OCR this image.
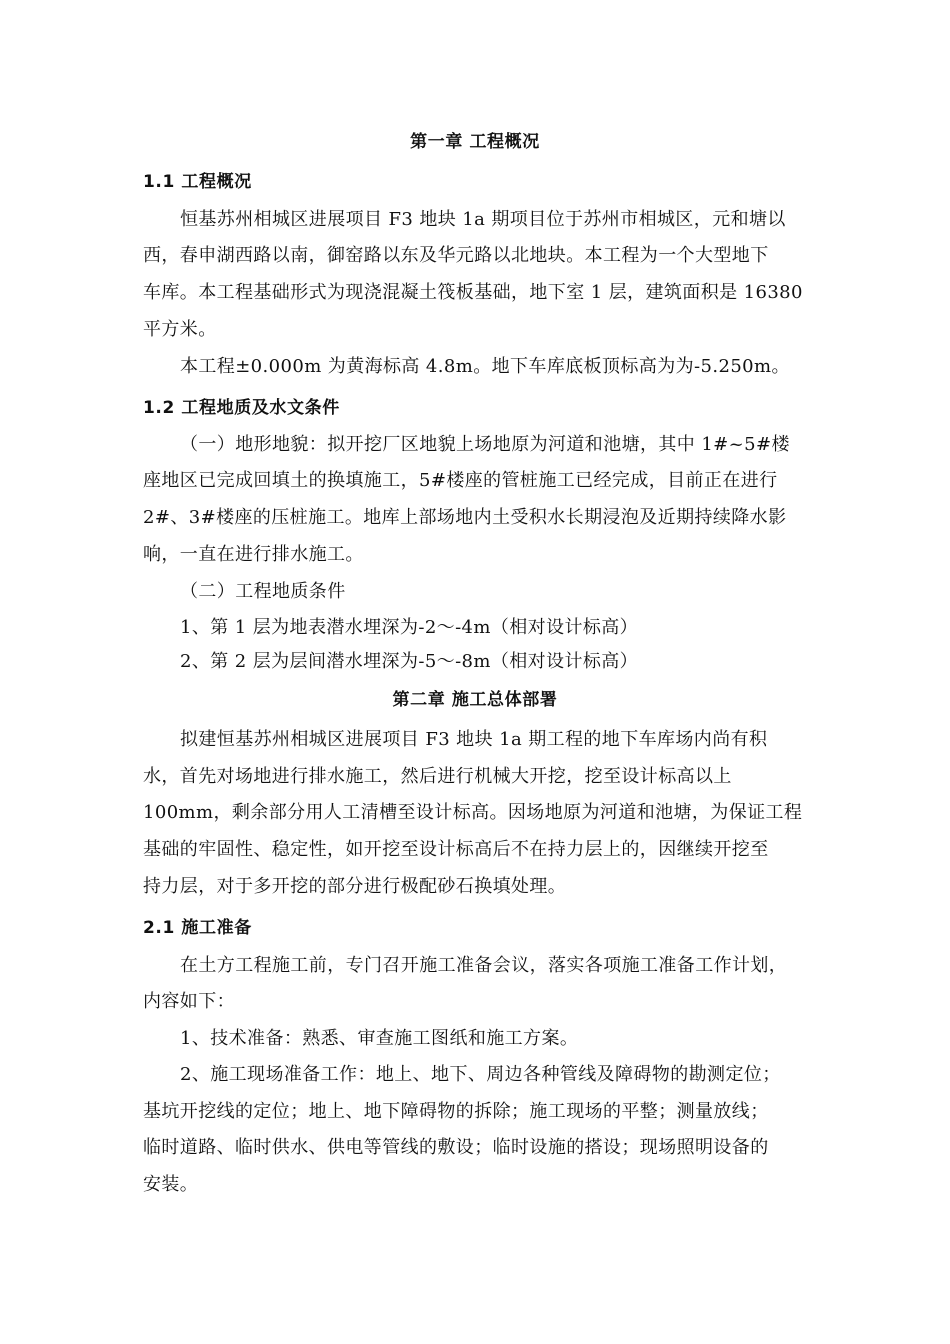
第一章 工程概况
1.1 工程概况
恒基苏州相城区进展项目 F3 地块 1a 期项目位于苏州市相城区，元和塘以
西，春申湖西路以南，御窑路以东及华元路以北地块。本工程为一个大型地下
车库。本工程基础形式为现浇混凝土筏板基础，地下室 1 层，建筑面积是 16380
平方米。
本工程±0.000m 为黄海标高 4.8m。地下车库底板顶标高为为-5.250m。
1.2 工程地质及水文条件
（一）地形地貌：拟开挖厂区地貌上场地原为河道和池塘，其中 1#~5#楼
座地区已完成回填土的换填施工，5#楼座的管桩施工已经完成，目前正在进行
2#、3#楼座的压桩施工。地库上部场地内土受积水长期浸泡及近期持续降水影
响，一直在进行排水施工。
（二）工程地质条件
1、第 1 层为地表潜水埋深为-2～-4m（相对设计标高）
2、第 2 层为层间潜水埋深为-5～-8m（相对设计标高）
第二章 施工总体部署
拟建恒基苏州相城区进展项目 F3 地块 1a 期工程的地下车库场内尚有积
水，首先对场地进行排水施工，然后进行机械大开挖，挖至设计标高以上
100mm，剩余部分用人工清槽至设计标高。因场地原为河道和池塘，为保证工程
基础的牢固性、稳定性，如开挖至设计标高后不在持力层上的，因继续开挖至
持力层，对于多开挖的部分进行极配砂石换填处理。
2.1 施工准备
在土方工程施工前，专门召开施工准备会议，落实各项施工准备工作计划，
内容如下：
1、技术准备：熟悉、审查施工图纸和施工方案。
2、施工现场准备工作：地上、地下、周边各种管线及障碍物的勘测定位；
基坑开挖线的定位；地上、地下障碍物的拆除；施工现场的平整；测量放线；
临时道路、临时供水、供电等管线的敷设；临时设施的搭设；现场照明设备的
安装。
